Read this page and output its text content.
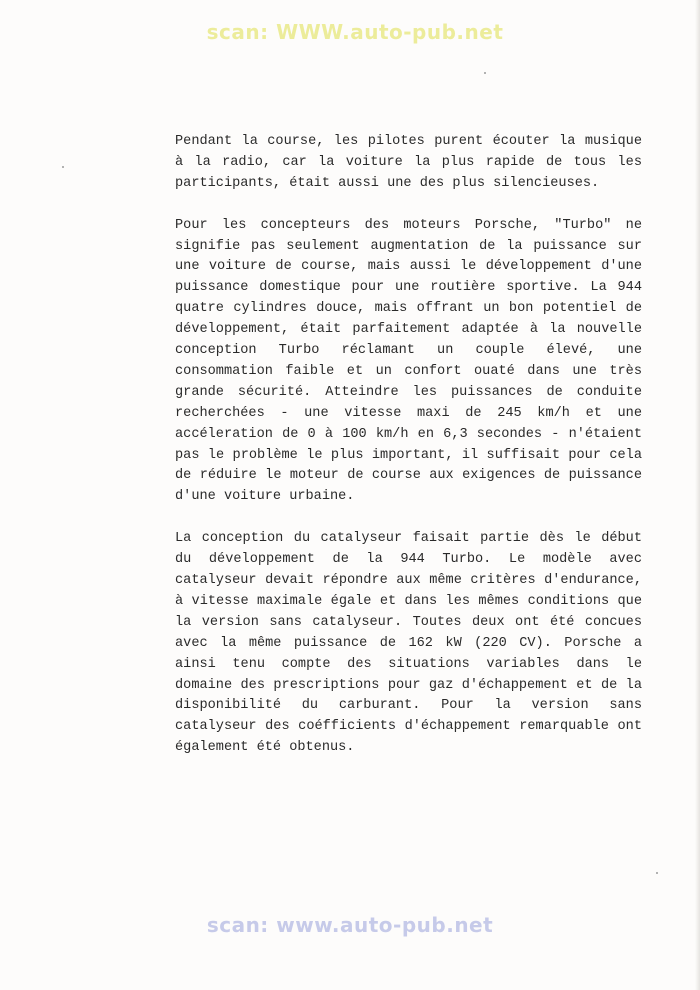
scan: WWW.auto-pub.net

Pendant la course, les pilotes purent écouter la musique à la radio, car la voiture la plus rapide de tous les participants, était aussi une des plus silencieuses.

Pour les concepteurs des moteurs Porsche, "Turbo" ne signifie pas seulement augmentation de la puissance sur une voiture de course, mais aussi le développement d'une puissance domestique pour une routière sportive. La 944 quatre cylindres douce, mais offrant un bon potentiel de développement, était parfaitement adaptée à la nouvelle conception Turbo réclamant un couple élevé, une consommation faible et un confort ouaté dans une très grande sécurité. Atteindre les puissances de conduite recherchées - une vitesse maxi de 245 km/h et une accéleration de 0 à 100 km/h en 6,3 secondes - n'étaient pas le problème le plus important, il suffisait pour cela de réduire le moteur de course aux exigences de puissance d'une voiture urbaine.

La conception du catalyseur faisait partie dès le début du développement de la 944 Turbo. Le modèle avec catalyseur devait répondre aux même critères d'endurance, à vitesse maximale égale et dans les mêmes conditions que la version sans catalyseur. Toutes deux ont été concues avec la même puissance de 162 kW (220 CV). Porsche a ainsi tenu compte des situations variables dans le domaine des prescriptions pour gaz d'échappement et de la disponibilité du carburant. Pour la version sans catalyseur des coéfficients d'échappement remarquable ont également été obtenus.

scan: www.auto-pub.net
